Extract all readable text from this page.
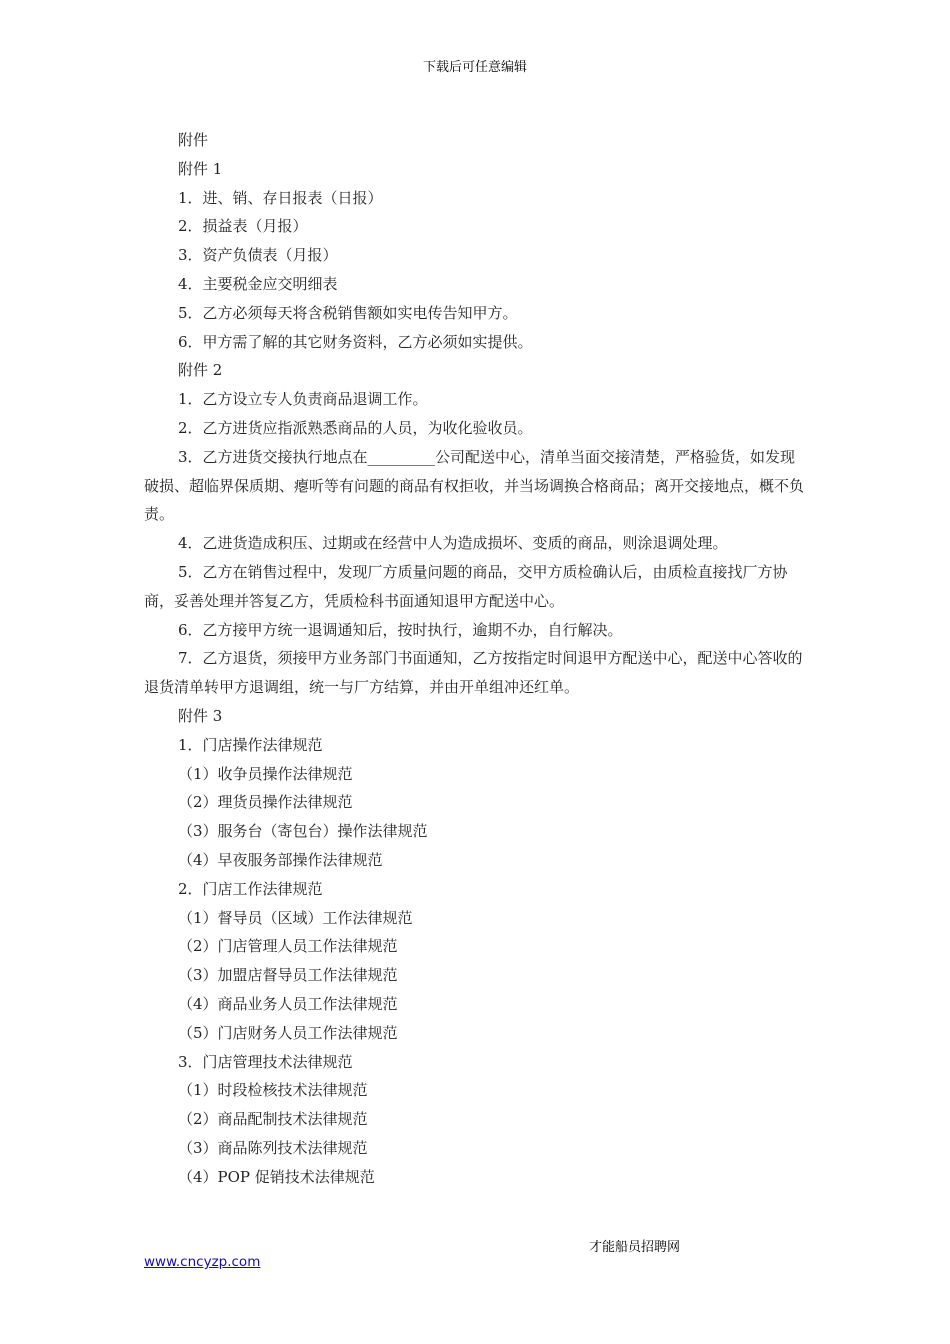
下载后可任意编辑

附件

附件 1

1．进、销、存日报表（日报）

2．损益表（月报）

3．资产负债表（月报）

4．主要税金应交明细表

5．乙方必须每天将含税销售额如实电传告知甲方。

6．甲方需了解的其它财务资料，乙方必须如实提供。

附件 2

1．乙方设立专人负责商品退调工作。

2．乙方进货应指派熟悉商品的人员，为收化验收员。

3．乙方进货交接执行地点在_________公司配送中心，清单当面交接清楚，严格验货，如发现破损、超临界保质期、瘪听等有问题的商品有权拒收，并当场调换合格商品；离开交接地点，概不负责。

4．乙进货造成积压、过期或在经营中人为造成损坏、变质的商品，则涂退调处理。

5．乙方在销售过程中，发现厂方质量问题的商品，交甲方质检确认后，由质检直接找厂方协商，妥善处理并答复乙方，凭质检科书面通知退甲方配送中心。

6．乙方接甲方统一退调通知后，按时执行，逾期不办，自行解决。

7．乙方退货，须接甲方业务部门书面通知，乙方按指定时间退甲方配送中心，配送中心答收的退货清单转甲方退调组，统一与厂方结算，并由开单组冲还红单。

附件 3

1．门店操作法律规范

（1）收争员操作法律规范

（2）理货员操作法律规范

（3）服务台（寄包台）操作法律规范

（4）早夜服务部操作法律规范

2．门店工作法律规范

（1）督导员（区域）工作法律规范

（2）门店管理人员工作法律规范

（3）加盟店督导员工作法律规范

（4）商品业务人员工作法律规范

（5）门店财务人员工作法律规范

3．门店管理技术法律规范

（1）时段检核技术法律规范

（2）商品配制技术法律规范

（3）商品陈列技术法律规范

（4）POP 促销技术法律规范

才能船员招聘网
www.cncyzp.com
